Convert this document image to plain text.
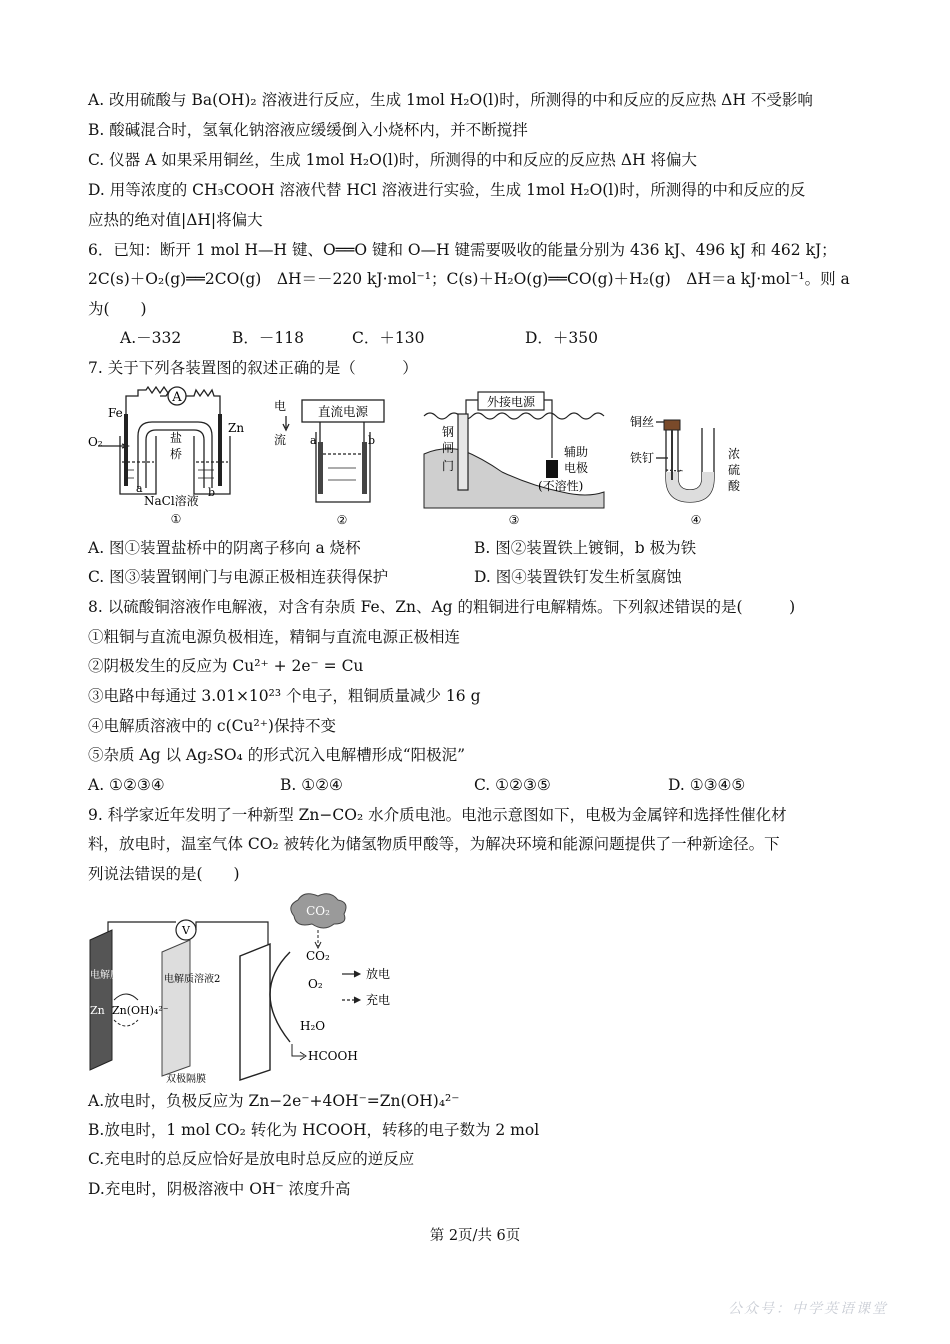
A. 改用硫酸与 Ba(OH)₂ 溶液进行反应，生成 1mol H₂O(l)时，所测得的中和反应的反应热 ΔH 不受影响
B. 酸碱混合时，氢氧化钠溶液应缓缓倒入小烧杯内，并不断搅拌
C. 仪器 A 如果采用铜丝，生成 1mol H₂O(l)时，所测得的中和反应的反应热 ΔH 将偏大
D. 用等浓度的 CH₃COOH 溶液代替 HCl 溶液进行实验，生成 1mol H₂O(l)时，所测得的中和反应的反
应热的绝对值|ΔH|将偏大
6．已知：断开 1 mol H—H 键、O══O 键和 O—H 键需要吸收的能量分别为 436 kJ、496 kJ 和 462 kJ；
2C(s)＋O₂(g)══2CO(g)　ΔH＝－220 kJ·mol⁻¹；C(s)＋H₂O(g)══CO(g)＋H₂(g)　ΔH＝a kJ·mol⁻¹。则 a
为(　　)
A.－332	B．－118	C．＋130	D．＋350
7. 关于下列各装置图的叙述正确的是（　　　）
A
Fe
Zn
O₂	盐
桥
a	b
NaCl溶液
①
电
流
直流电源
a	b
②
外接电源
钢
闸
门
辅助
电极
(不溶性)
③
铜丝
铁钉	浓
硫
酸
④
A. 图①装置盐桥中的阴离子移向 a 烧杯	B. 图②装置铁上镀铜，b 极为铁
C. 图③装置钢闸门与电源正极相连获得保护	D. 图④装置铁钉发生析氢腐蚀
8. 以硫酸铜溶液作电解液，对含有杂质 Fe、Zn、Ag 的粗铜进行电解精炼。下列叙述错误的是(　　　)
①粗铜与直流电源负极相连，精铜与直流电源正极相连
②阴极发生的反应为 Cu²⁺ + 2e⁻ = Cu
③电路中每通过 3.01×10²³ 个电子，粗铜质量减少 16 g
④电解质溶液中的 c(Cu²⁺)保持不变
⑤杂质 Ag 以 Ag₂SO₄ 的形式沉入电解槽形成“阳极泥”
A. ①②③④	B. ①②④	C. ①②③⑤	D. ①③④⑤
9. 科学家近年发明了一种新型 Zn−CO₂ 水介质电池。电池示意图如下，电极为金属锌和选择性催化材
料，放电时，温室气体 CO₂ 被转化为储氢物质甲酸等，为解决环境和能源问题提供了一种新途径。下
列说法错误的是(　　)
CO₂
CO₂
V
电解质溶液1 电解质溶液2
Zn Zn(OH)₄²⁻
O₂
H₂O
HCOOH
双极隔膜
放电
充电
A.放电时，负极反应为 Zn−2e⁻+4OH⁻=Zn(OH)₄²⁻
B.放电时，1 mol CO₂ 转化为 HCOOH，转移的电子数为 2 mol
C.充电时的总反应恰好是放电时总反应的逆反应
D.充电时，阴极溶液中 OH⁻ 浓度升高
第 2页/共 6页
公众号：中学英语课堂
